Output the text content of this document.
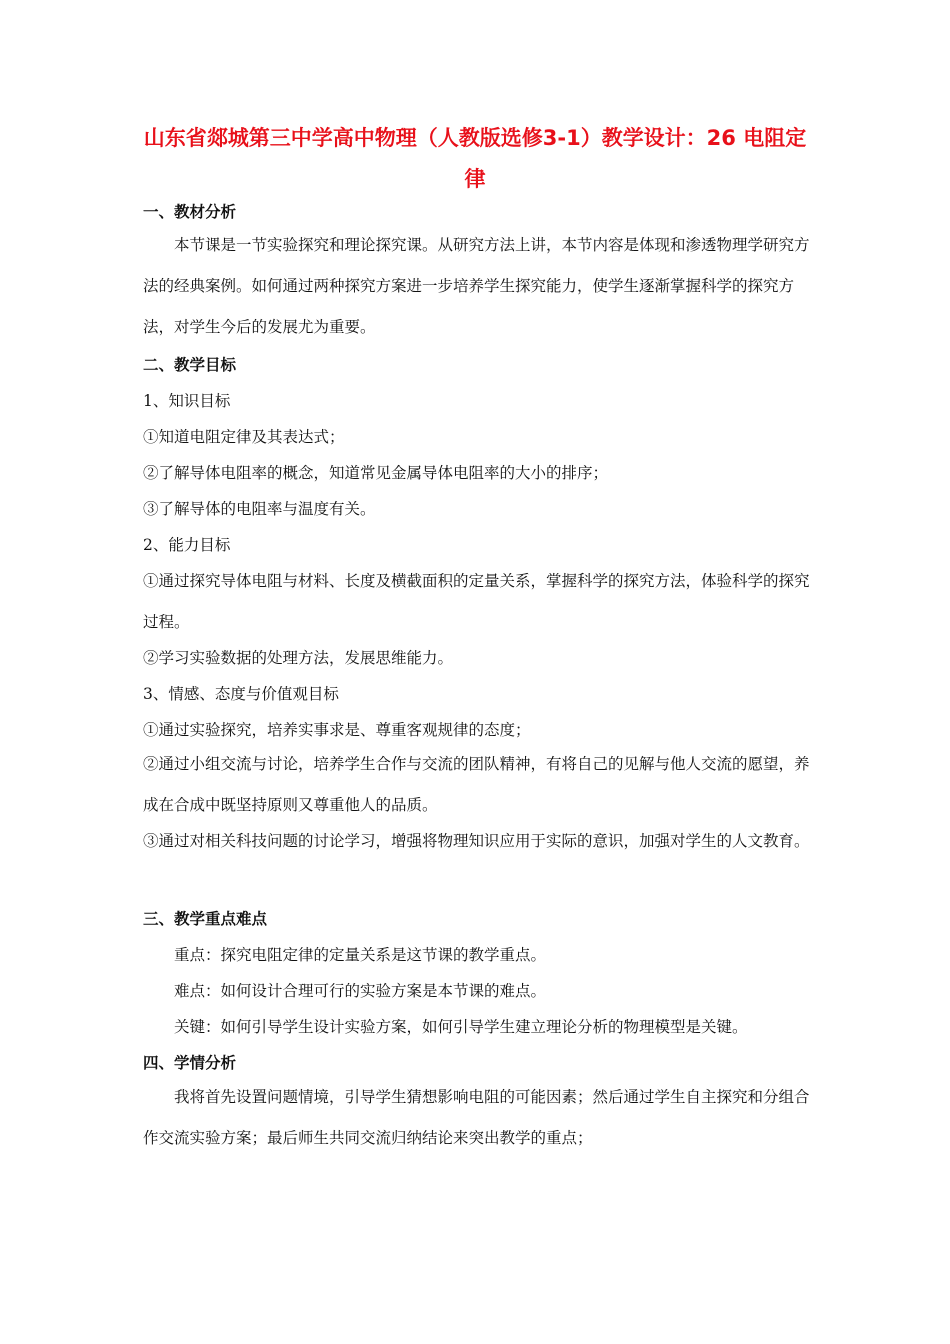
山东省郯城第三中学高中物理（人教版选修3-1）教学设计：26 电阻定律
一、教材分析

本节课是一节实验探究和理论探究课。从研究方法上讲，本节内容是体现和渗透物理学研究方法的经典案例。如何通过两种探究方案进一步培养学生探究能力，使学生逐渐掌握科学的探究方法，对学生今后的发展尤为重要。

二、教学目标
1、知识目标
①知道电阻定律及其表达式；
②了解导体电阻率的概念，知道常见金属导体电阻率的大小的排序；
③了解导体的电阻率与温度有关。
2、能力目标

①通过探究导体电阻与材料、长度及横截面积的定量关系，掌握科学的探究方法，体验科学的探究过程。

②学习实验数据的处理方法，发展思维能力。
3、情感、态度与价值观目标
①通过实验探究，培养实事求是、尊重客观规律的态度；

②通过小组交流与讨论，培养学生合作与交流的团队精神，有将自己的见解与他人交流的愿望，养成在合成中既坚持原则又尊重他人的品质。

③通过对相关科技问题的讨论学习，增强将物理知识应用于实际的意识，加强对学生的人文教育。

三、教学重点难点
重点：探究电阻定律的定量关系是这节课的教学重点。
难点：如何设计合理可行的实验方案是本节课的难点。
关键：如何引导学生设计实验方案，如何引导学生建立理论分析的物理模型是关键。
四、学情分析

我将首先设置问题情境，引导学生猜想影响电阻的可能因素；然后通过学生自主探究和分组合作交流实验方案；最后师生共同交流归纳结论来突出教学的重点；
